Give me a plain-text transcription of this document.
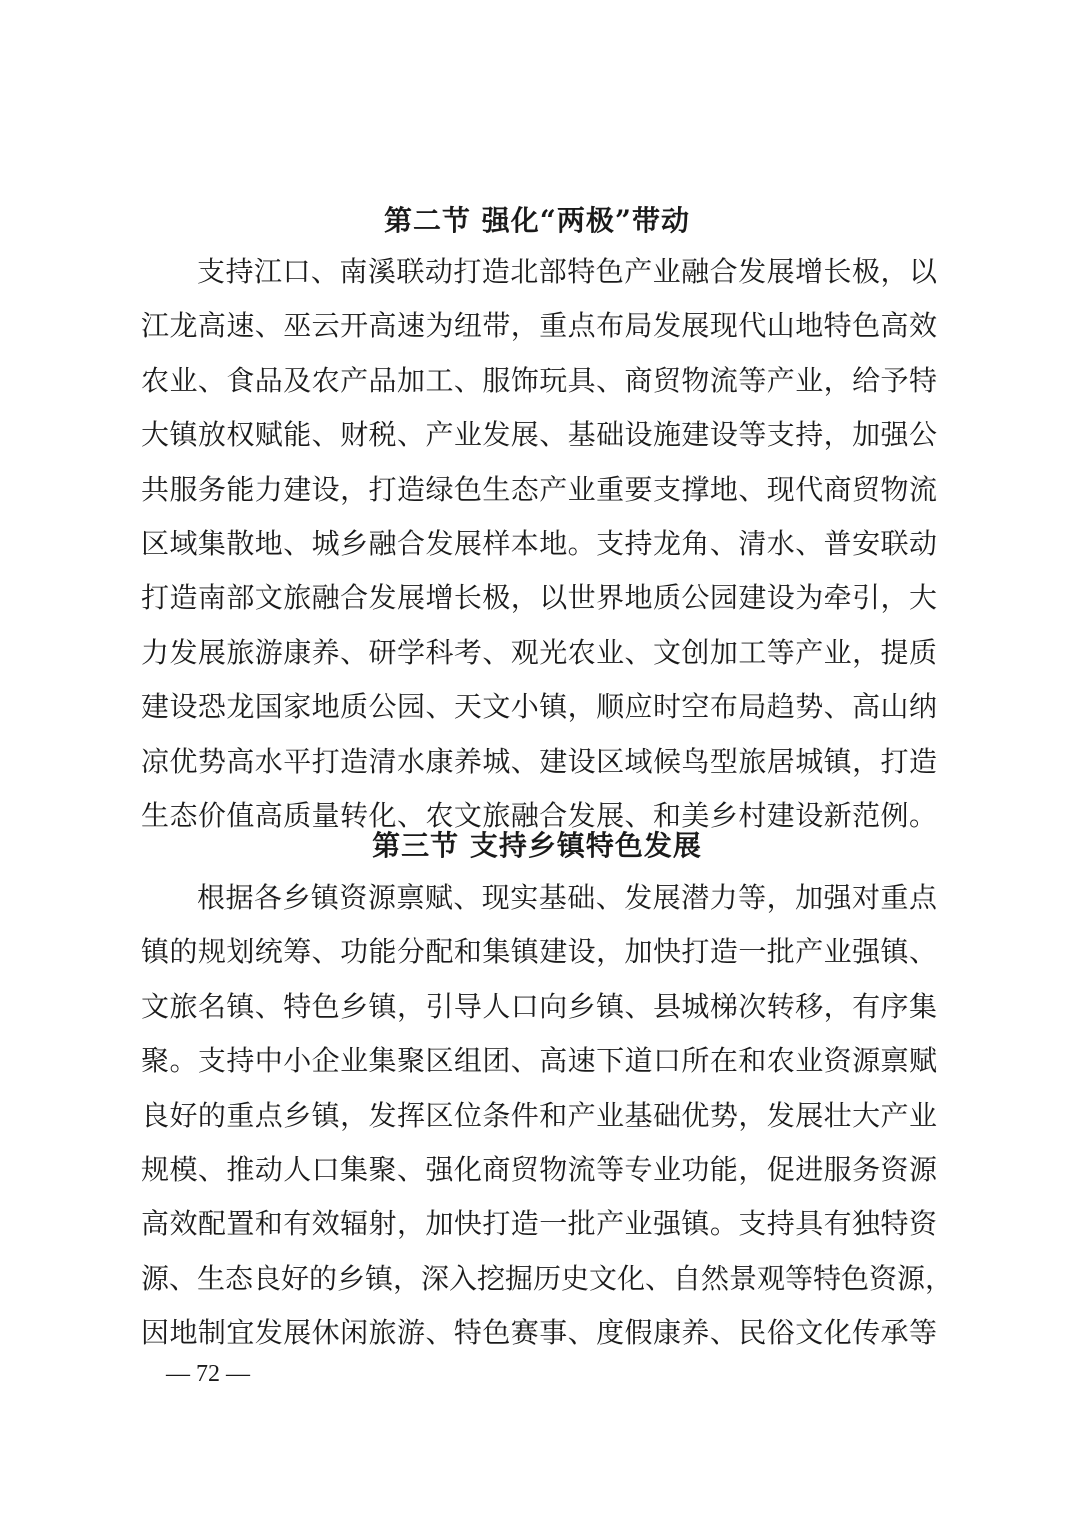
第二节 强化“两极”带动
支持江口、南溪联动打造北部特色产业融合发展增长极，以
江龙高速、巫云开高速为纽带，重点布局发展现代山地特色高效
农业、食品及农产品加工、服饰玩具、商贸物流等产业，给予特
大镇放权赋能、财税、产业发展、基础设施建设等支持，加强公
共服务能力建设，打造绿色生态产业重要支撑地、现代商贸物流
区域集散地、城乡融合发展样本地。支持龙角、清水、普安联动
打造南部文旅融合发展增长极，以世界地质公园建设为牵引，大
力发展旅游康养、研学科考、观光农业、文创加工等产业，提质
建设恐龙国家地质公园、天文小镇，顺应时空布局趋势、高山纳
凉优势高水平打造清水康养城、建设区域候鸟型旅居城镇，打造
生态价值高质量转化、农文旅融合发展、和美乡村建设新范例。
第三节 支持乡镇特色发展
根据各乡镇资源禀赋、现实基础、发展潜力等，加强对重点
镇的规划统筹、功能分配和集镇建设，加快打造一批产业强镇、
文旅名镇、特色乡镇，引导人口向乡镇、县城梯次转移，有序集
聚。支持中小企业集聚区组团、高速下道口所在和农业资源禀赋
良好的重点乡镇，发挥区位条件和产业基础优势，发展壮大产业
规模、推动人口集聚、强化商贸物流等专业功能，促进服务资源
高效配置和有效辐射，加快打造一批产业强镇。支持具有独特资
源、生态良好的乡镇，深入挖掘历史文化、自然景观等特色资源，
因地制宜发展休闲旅游、特色赛事、度假康养、民俗文化传承等
— 72 —
